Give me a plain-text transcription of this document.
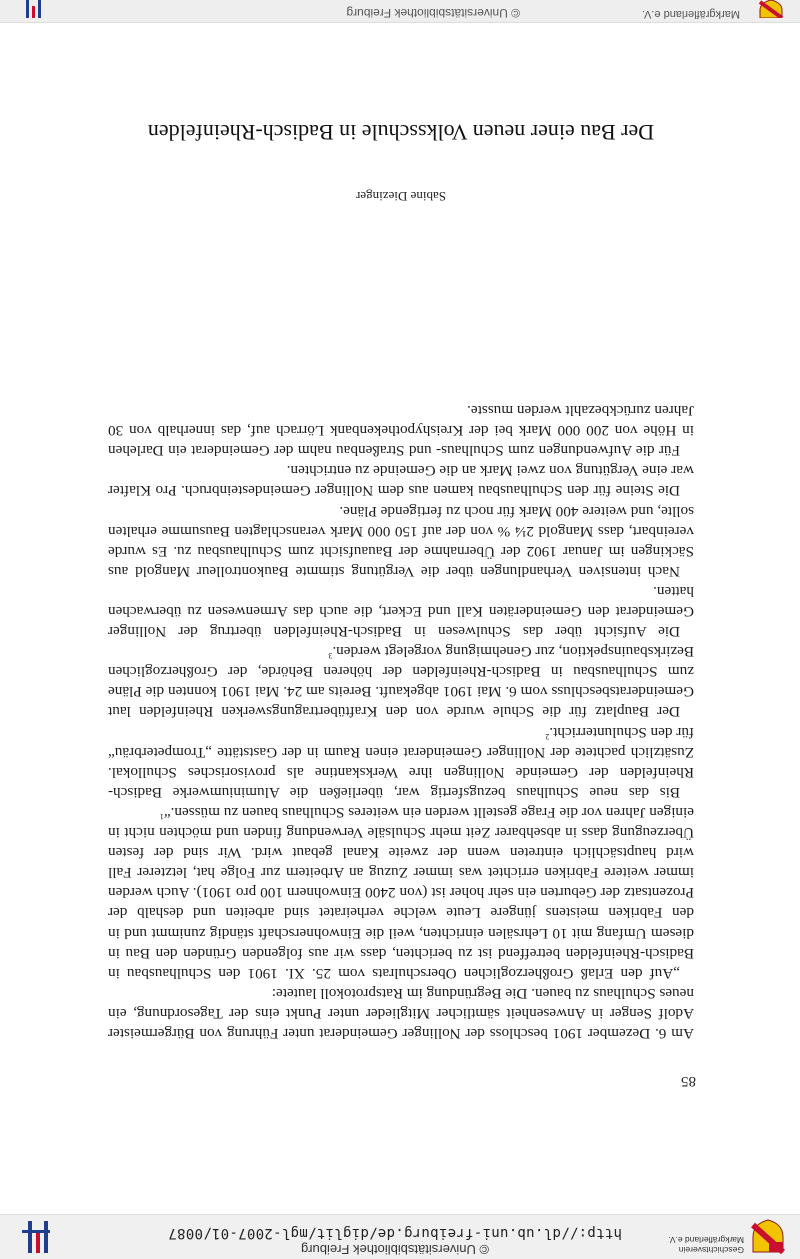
Geschichtsverein Markgräflerland e.V.
© Universitätsbibliothek Freiburg
http://dl.ub.uni-freiburg.de/diglit/mgl-2007-01/0087
85

Am 6. Dezember 1901 beschloss der Nollinger Gemeinderat unter Führung von Bürgermeister Adolf Senger in Anwesenheit sämtlicher Mitglieder unter Punkt eins der Tagesordnung, ein neues Schulhaus zu bauen. Die Begründung im Ratsprotokoll lautete:

„Auf den Erlaß Großherzoglichen Oberschulrats vom 25. XI. 1901 den Schulhausbau in Badisch-Rheinfelden betreffend ist zu berichten, dass wir aus folgenden Gründen den Bau in diesem Umfang mit 10 Lehrsälen einrichten, weil die Einwohnerschaft ständig zunimmt und in den Fabriken meistens jüngere Leute welche verheiratet sind arbeiten und deshalb der Prozentsatz der Geburten ein sehr hoher ist (von 2400 Einwohnern 100 pro 1901). Auch werden immer weitere Fabriken errichtet was immer Zuzug an Arbeitern zur Folge hat, letzterer Fall wird hauptsächlich eintreten wenn der zweite Kanal gebaut wird. Wir sind der festen Überzeugung dass in absehbarer Zeit mehr Schulsäle Verwendung finden und möchten nicht in einigen Jahren vor die Frage gestellt werden ein weiteres Schulhaus bauen zu müssen.“$^1$

Bis das neue Schulhaus bezugsfertig war, überließen die Aluminiumwerke Badisch-Rheinfelden der Gemeinde Nollingen ihre Werkskantine als provisorisches Schullokal. Zusätzlich pachtete der Nollinger Gemeinderat einen Raum in der Gaststätte „Trompeterbräu“ für den Schulunterricht.$^2$

Der Bauplatz für die Schule wurde von den Kraftübertragungswerken Rheinfelden laut Gemeinderatsbeschluss vom 6. Mai 1901 abgekauft. Bereits am 24. Mai 1901 konnten die Pläne zum Schulhausbau in Badisch-Rheinfelden der höheren Behörde, der Großherzoglichen Bezirksbauinspektion, zur Genehmigung vorgelegt werden.$^3$

Die Aufsicht über das Schulwesen in Badisch-Rheinfelden übertrug der Nollinger Gemeinderat den Gemeinderäten Kall und Eckert, die auch das Armenwesen zu überwachen hatten.

Nach intensiven Verhandlungen über die Vergütung stimmte Baukontrolleur Mangold aus Säckingen im Januar 1902 der Übernahme der Bauaufsicht zum Schulhausbau zu. Es wurde vereinbart, dass Mangold 2¼ % von der auf 150 000 Mark veranschlagten Bausumme erhalten sollte, und weitere 400 Mark für noch zu fertigende Pläne.

Die Steine für den Schulhausbau kamen aus dem Nollinger Gemeindesteinbruch. Pro Klafter war eine Vergütung von zwei Mark an die Gemeinde zu entrichten.

Für die Aufwendungen zum Schulhaus- und Straßenbau nahm der Gemeinderat ein Darlehen in Höhe von 200 000 Mark bei der Kreishypothekenbank Lörrach auf, das innerhalb von 30 Jahren zurückbezahlt werden musste.

Sabine Diezinger
Der Bau einer neuen Volksschule in Badisch-Rheinfelden
Markgräflerland e.V.
© Universitätsbibliothek Freiburg
